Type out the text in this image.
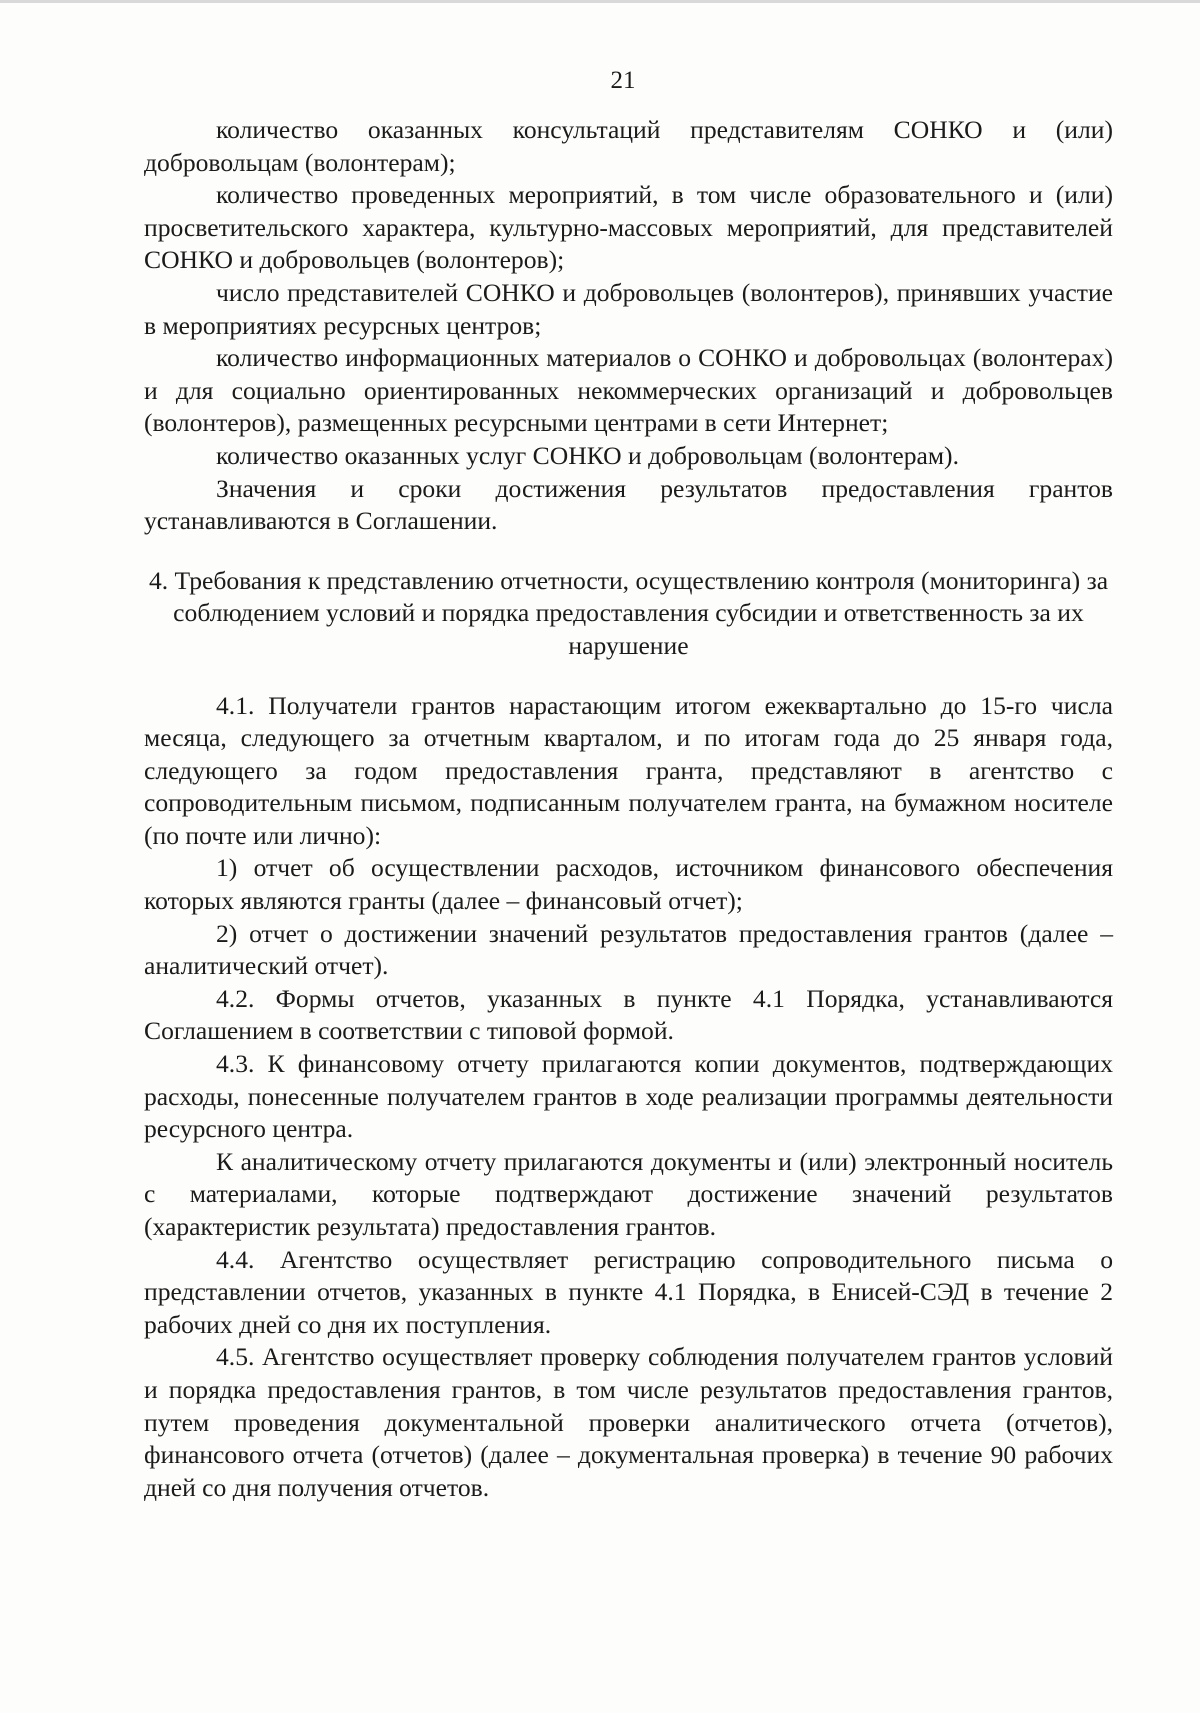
21

количество оказанных консультаций представителям СОНКО и (или) добровольцам (волонтерам);

количество проведенных мероприятий, в том числе образовательного и (или) просветительского характера, культурно-массовых мероприятий, для представителей СОНКО и добровольцев (волонтеров);

число представителей СОНКО и добровольцев (волонтеров), принявших участие в мероприятиях ресурсных центров;

количество информационных материалов о СОНКО и добровольцах (волонтерах) и для социально ориентированных некоммерческих организаций и добровольцев (волонтеров), размещенных ресурсными центрами в сети Интернет;

количество оказанных услуг СОНКО и добровольцам (волонтерам).

Значения и сроки достижения результатов предоставления грантов устанавливаются в Соглашении.

4. Требования к представлению отчетности, осуществлению контроля (мониторинга) за соблюдением условий и порядка предоставления субсидии и ответственность за их нарушение

4.1. Получатели грантов нарастающим итогом ежеквартально до 15-го числа месяца, следующего за отчетным кварталом, и по итогам года до 25 января года, следующего за годом предоставления гранта, представляют в агентство с сопроводительным письмом, подписанным получателем гранта, на бумажном носителе (по почте или лично):

1) отчет об осуществлении расходов, источником финансового обеспечения которых являются гранты (далее – финансовый отчет);

2) отчет о достижении значений результатов предоставления грантов (далее – аналитический отчет).

4.2. Формы отчетов, указанных в пункте 4.1 Порядка, устанавливаются Соглашением в соответствии с типовой формой.

4.3. К финансовому отчету прилагаются копии документов, подтверждающих расходы, понесенные получателем грантов в ходе реализации программы деятельности ресурсного центра.

К аналитическому отчету прилагаются документы и (или) электронный носитель с материалами, которые подтверждают достижение значений результатов (характеристик результата) предоставления грантов.

4.4. Агентство осуществляет регистрацию сопроводительного письма о представлении отчетов, указанных в пункте 4.1 Порядка, в Енисей-СЭД в течение 2 рабочих дней со дня их поступления.

4.5. Агентство осуществляет проверку соблюдения получателем грантов условий и порядка предоставления грантов, в том числе результатов предоставления грантов, путем проведения документальной проверки аналитического отчета (отчетов), финансового отчета (отчетов) (далее – документальная проверка) в течение 90 рабочих дней со дня получения отчетов.
